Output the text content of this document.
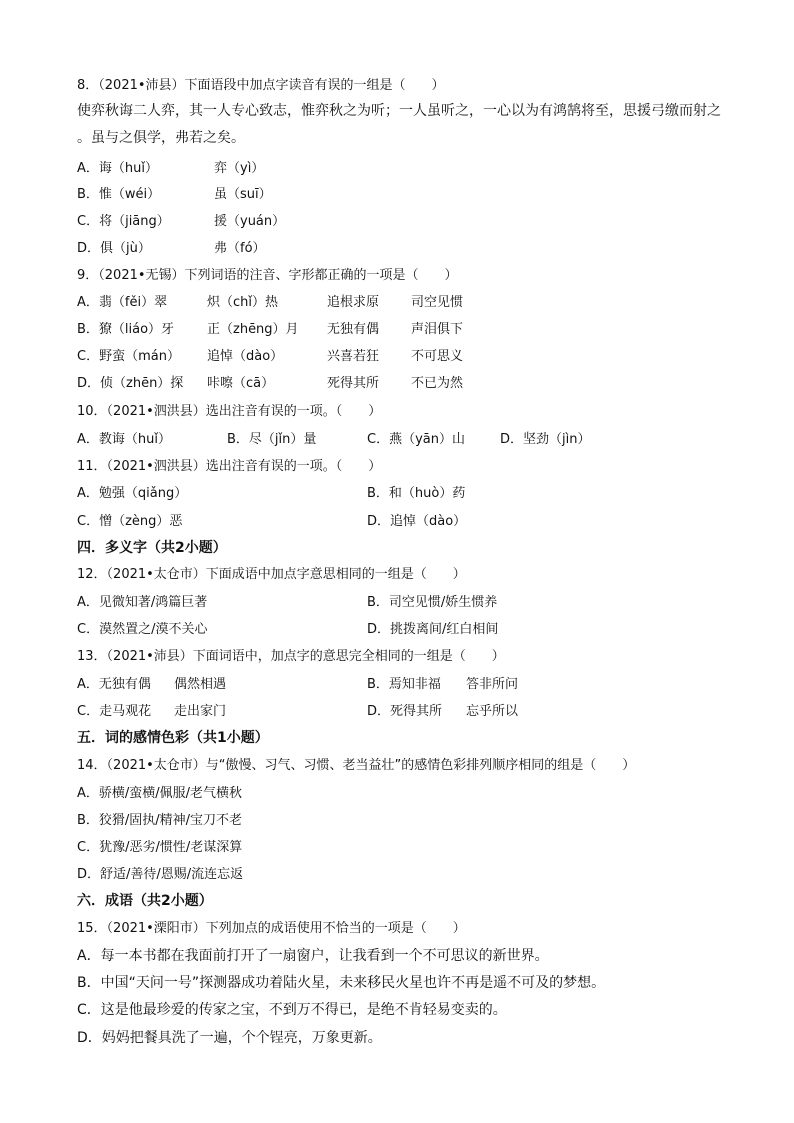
8．（2021•沛县）下面语段中加点字读音有误的一组是（　　）
使弈秋诲二人弈，其一人专心致志，惟弈秋之为听；一人虽听之，一心以为有鸿鹄将至，思援弓缴而射之
。虽与之俱学，弗若之矣。
A．诲（huǐ）	弈（yì）
B．惟（wéi）	虽（suī）
C．将（jiāng）	援（yuán）
D．俱（jù）	弗（fó）
9．（2021•无锡）下列词语的注音、字形都正确的一项是（　　）
A．翡（fěi）翠	炽（chǐ）热	追根求原 司空见惯
B．獠（liáo）牙	正（zhēng）月 无独有偶 声泪俱下
C．野蛮（mán） 追悼（dào）	兴喜若狂 不可思义
D．侦（zhēn）探 咔嚓（cā）	死得其所 不已为然
10．（2021•泗洪县）选出注音有误的一项。（　　）
A．教诲（huǐ）	B．尽（jǐn）量	C．燕（yān）山	D．坚劲（jìn）
11．（2021•泗洪县）选出注音有误的一项。（　　）
A．勉强（qiǎng）	B．和（huò）药
C．憎（zèng）恶	D．追悼（dào）
四．多义字（共2小题）
12．（2021•太仓市）下面成语中加点字意思相同的一组是（　　）
A．见微知著/鸿篇巨著	B．司空见惯/娇生惯养
C．漠然置之/漠不关心	D．挑拨离间/红白相间
13．（2021•沛县）下面词语中，加点字的意思完全相同的一组是（　　）
A．无独有偶 偶然相遇	B．焉知非福 答非所问
C．走马观花 走出家门	D．死得其所 忘乎所以
五．词的感情色彩（共1小题）
14．（2021•太仓市）与“傲慢、习气、习惯、老当益壮”的感情色彩排列顺序相同的组是（　　）
A．骄横/蛮横/佩服/老气横秋
B．狡猾/固执/精神/宝刀不老
C．犹豫/恶劣/惯性/老谋深算
D．舒适/善待/恩赐/流连忘返
六．成语（共2小题）
15．（2021•溧阳市）下列加点的成语使用不恰当的一项是（　　）
A．每一本书都在我面前打开了一扇窗户，让我看到一个不可思议的新世界。
B．中国“天问一号”探测器成功着陆火星，未来移民火星也许不再是遥不可及的梦想。
C．这是他最珍爱的传家之宝，不到万不得已，是绝不肯轻易变卖的。
D．妈妈把餐具洗了一遍，个个锃亮，万象更新。
